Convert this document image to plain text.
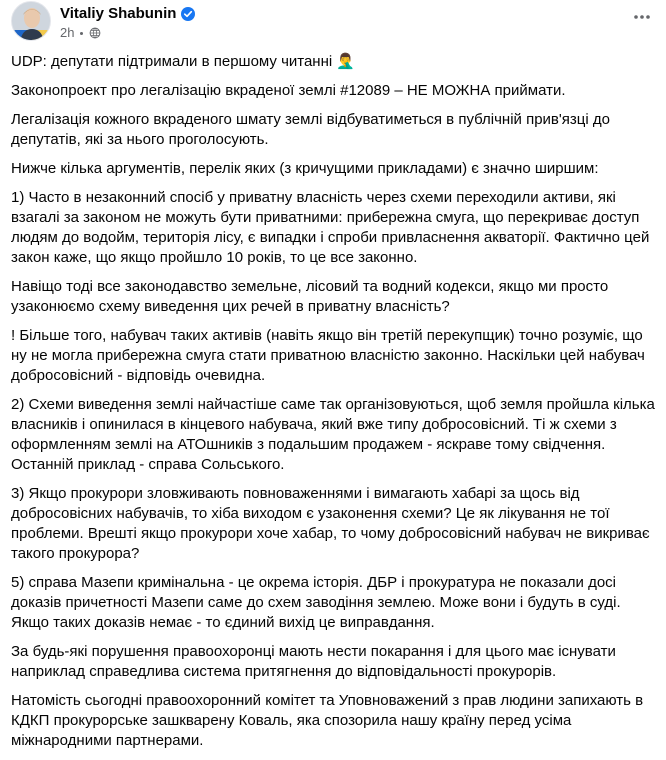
Vitaliy Shabunin
2h

UDP: депутати підтримали в першому читанні 🤦‍♂️

Законопроект про легалізацію вкраденої землі #12089 – НЕ МОЖНА приймати.

Легалізація кожного вкраденого шмату землі відбуватиметься в публічній прив'язці до депутатів, які за нього проголосують.

Нижче кілька аргументів, перелік яких (з кричущими прикладами) є значно ширшим:

1) Часто в незаконний спосіб у приватну власність через схеми переходили активи, які взагалі за законом не можуть бути приватними: прибережна смуга, що перекриває доступ людям до водойм, територія лісу, є випадки і спроби привласнення акваторії. Фактично цей закон каже, що якщо пройшло 10 років, то це все законно.

Навіщо тоді все законодавство земельне, лісовий та водний кодекси, якщо ми просто узаконюємо схему виведення цих речей в приватну власність?

! Більше того, набувач таких активів (навіть якщо він третій перекупщик) точно розуміє, що ну не могла прибережна смуга стати приватною власністю законно. Наскільки цей набувач добросовісний - відповідь очевидна.

2) Схеми виведення землі найчастіше саме так організовуються, щоб земля пройшла кілька власників і опинилася в кінцевого набувача, який вже типу добросовісний. Ті ж схеми з оформленням землі на АТОшників з подальшим продажем - яскраве тому свідчення. Останній приклад - справа Сольського.

3) Якщо прокурори зловживають повноваженнями і вимагають хабарі за щось від добросовісних набувачів, то хіба виходом є узаконення схеми? Це як лікування не тої проблеми. Врешті якщо прокурори хоче хабар, то чому добросовісний набувач не викриває такого прокурора?

5) справа Мазепи кримінальна - це окрема історія. ДБР і прокуратура не показали досі доказів причетності Мазепи саме до схем заводіння землею. Може вони і будуть в суді. Якщо таких доказів немає - то єдиний вихід це виправдання.

За будь-які порушення правоохоронці мають нести покарання і для цього має існувати наприклад справедлива система притягнення до відповідальності прокурорів.

Натомість сьогодні правоохоронний комітет та Уповноважений з прав людини запихають в КДКП прокурорське зашкварену Коваль, яка спозорила нашу країну перед усіма міжнародними партнерами.
